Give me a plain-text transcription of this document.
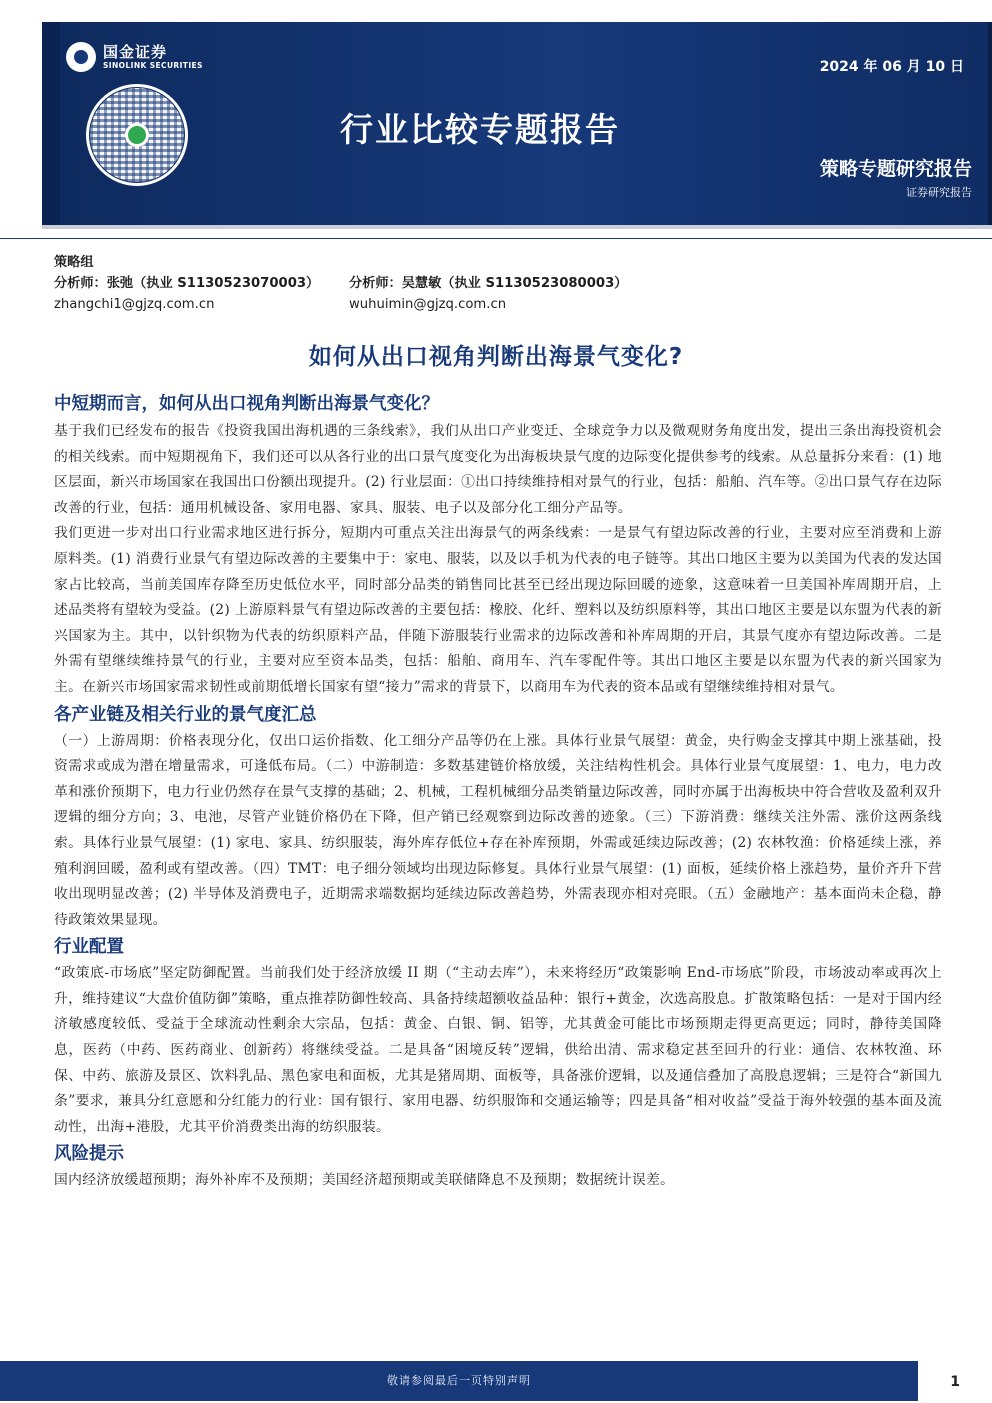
国金证券
SINOLINK SECURITIES	2024 年 06 月 10 日
行业比较专题报告
策略专题研究报告
证券研究报告
策略组
分析师：张弛（执业 S1130523070003）	分析师：吴慧敏（执业 S1130523080003）
zhangchi1@gjzq.com.cn	wuhuimin@gjzq.com.cn
如何从出口视角判断出海景气变化?
中短期而言，如何从出口视角判断出海景气变化？

基于我们已经发布的报告《投资我国出海机遇的三条线索》，我们从出口产业变迁、全球竞争力以及微观财务角度出发，提出三条出海投资机会的相关线索。而中短期视角下，我们还可以从各行业的出口景气度变化为出海板块景气度的边际变化提供参考的线索。从总量拆分来看：(1) 地区层面，新兴市场国家在我国出口份额出现提升。(2) 行业层面：①出口持续维持相对景气的行业，包括：船舶、汽车等。②出口景气存在边际改善的行业，包括：通用机械设备、家用电器、家具、服装、电子以及部分化工细分产品等。

我们更进一步对出口行业需求地区进行拆分，短期内可重点关注出海景气的两条线索：一是景气有望边际改善的行业，主要对应至消费和上游原料类。(1) 消费行业景气有望边际改善的主要集中于：家电、服装，以及以手机为代表的电子链等。其出口地区主要为以美国为代表的发达国家占比较高，当前美国库存降至历史低位水平，同时部分品类的销售同比甚至已经出现边际回暖的迹象，这意味着一旦美国补库周期开启，上述品类将有望较为受益。(2) 上游原料景气有望边际改善的主要包括：橡胶、化纤、塑料以及纺织原料等，其出口地区主要是以东盟为代表的新兴国家为主。其中，以针织物为代表的纺织原料产品，伴随下游服装行业需求的边际改善和补库周期的开启，其景气度亦有望边际改善。二是外需有望继续维持景气的行业，主要对应至资本品类，包括：船舶、商用车、汽车零配件等。其出口地区主要是以东盟为代表的新兴国家为主。在新兴市场国家需求韧性或前期低增长国家有望“接力”需求的背景下，以商用车为代表的资本品或有望继续维持相对景气。

各产业链及相关行业的景气度汇总

（一）上游周期：价格表现分化，仅出口运价指数、化工细分产品等仍在上涨。具体行业景气展望：黄金，央行购金支撑其中期上涨基础，投资需求或成为潜在增量需求，可逢低布局。（二）中游制造：多数基建链价格放缓，关注结构性机会。具体行业景气度展望：1、电力，电力改革和涨价预期下，电力行业仍然存在景气支撑的基础；2、机械，工程机械细分品类销量边际改善，同时亦属于出海板块中符合营收及盈利双升逻辑的细分方向；3、电池，尽管产业链价格仍在下降，但产销已经观察到边际改善的迹象。（三）下游消费：继续关注外需、涨价这两条线索。具体行业景气展望：(1) 家电、家具、纺织服装，海外库存低位+存在补库预期，外需或延续边际改善；(2) 农林牧渔：价格延续上涨，养殖利润回暖，盈利或有望改善。（四）TMT：电子细分领域均出现边际修复。具体行业景气展望：(1) 面板，延续价格上涨趋势，量价齐升下营收出现明显改善；(2) 半导体及消费电子，近期需求端数据均延续边际改善趋势，外需表现亦相对亮眼。（五）金融地产：基本面尚未企稳，静待政策效果显现。

行业配置

“政策底-市场底”坚定防御配置。当前我们处于经济放缓 II 期（“主动去库”），未来将经历“政策影响 End-市场底”阶段，市场波动率或再次上升，维持建议“大盘价值防御”策略，重点推荐防御性较高、具备持续超额收益品种：银行+黄金，次选高股息。扩散策略包括：一是对于国内经济敏感度较低、受益于全球流动性剩余大宗品，包括：黄金、白银、铜、铝等，尤其黄金可能比市场预期走得更高更远；同时，静待美国降息，医药（中药、医药商业、创新药）将继续受益。二是具备“困境反转”逻辑，供给出清、需求稳定甚至回升的行业：通信、农林牧渔、环保、中药、旅游及景区、饮料乳品、黑色家电和面板，尤其是猪周期、面板等，具备涨价逻辑，以及通信叠加了高股息逻辑；三是符合“新国九条”要求，兼具分红意愿和分红能力的行业：国有银行、家用电器、纺织服饰和交通运输等；四是具备“相对收益”受益于海外较强的基本面及流动性，出海+港股，尤其平价消费类出海的纺织服装。

风险提示

国内经济放缓超预期；海外补库不及预期；美国经济超预期或美联储降息不及预期；数据统计误差。

敬请参阅最后一页特别声明	1
